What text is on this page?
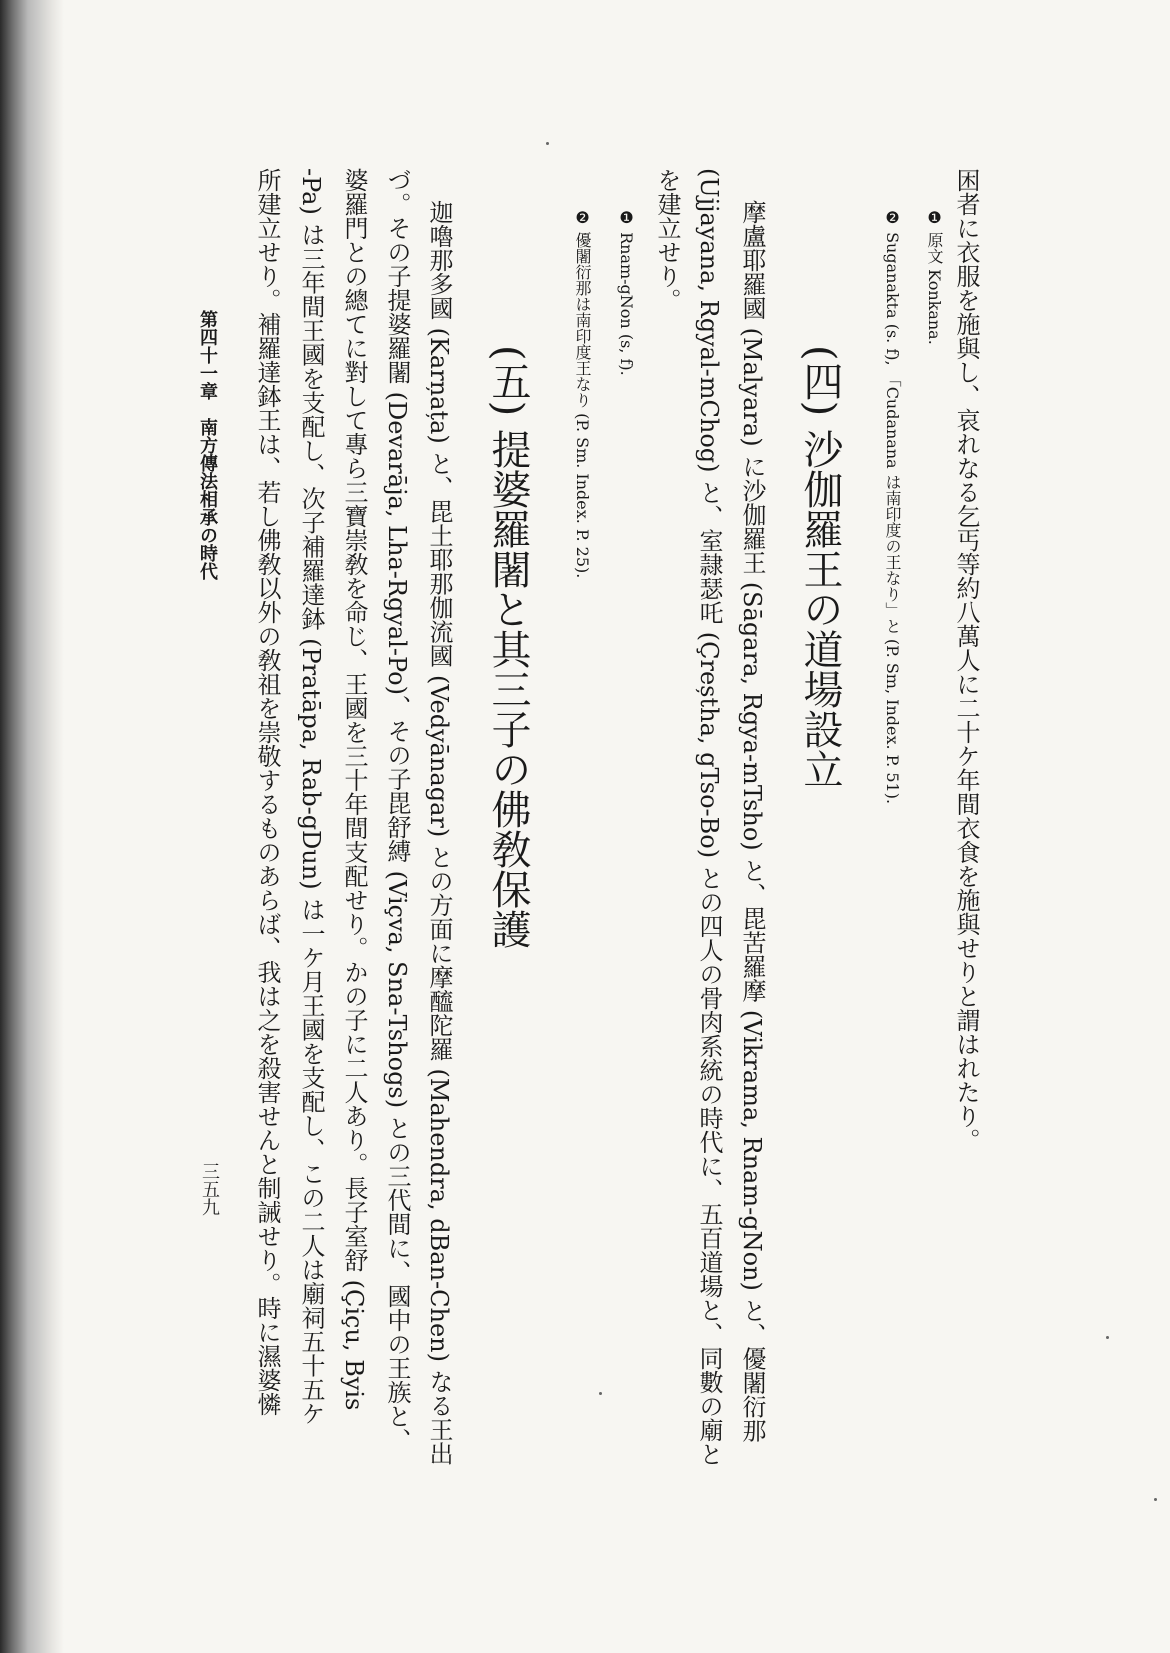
困者に衣服を施與し、哀れなる乞丐等約八萬人に二十ケ年間衣食を施與せりと謂はれたり。
❶ 原文 Konkana.
❷ Suganakta (s. f), 「Cudanana は南印度の王なり」と (P. Sm, Index. P. 51).
(四) 沙伽羅王の道場設立
摩盧耶羅國 (Malyara) に沙伽羅王 (Sāgara, Rgya-mTsho) と、毘苦羅摩 (Vikrama, Rnam-gNon) と、優闍衍那
(Ujjayana, Rgyal-mChog) と、室隷瑟吒 (Çreștha, gTso-Bo) との四人の骨肉系統の時代に、五百道場と、同數の廟と
を建立せり。
❶ Rnam-gNon (s, f).
❷ 優闍衍那は南印度王なり (P. Sm. Index. P. 25).
(五) 提婆羅闍と其三子の佛敎保護
迦嚕那多國 (Karņața) と、毘土耶那伽流國 (Vedyānagar) との方面に摩醯陀羅 (Mahendra, dBan-Chen) なる王出
づ。その子提婆羅闍 (Devarāja, Lha-Rgyal-Po)、その子毘舒縛 (Viçva, Sna-Tshogs) との三代間に、國中の王族と、
婆羅門との總てに對して專ら三寶崇敎を命じ、王國を三十年間支配せり。かの子に二人あり。長子室舒 (Çiçu, Byis
-Pa) は三年間王國を支配し、次子補羅達鉢 (Pratāpa, Rab-gDun) は一ケ月王國を支配し、この二人は廟祠五十五ケ
所建立せり。補羅達鉢王は、若し佛敎以外の敎祖を崇敬するものあらば、我は之を殺害せんと制誡せり。時に濕婆憐
第四十一章　南方傳法相承の時代
三五九
